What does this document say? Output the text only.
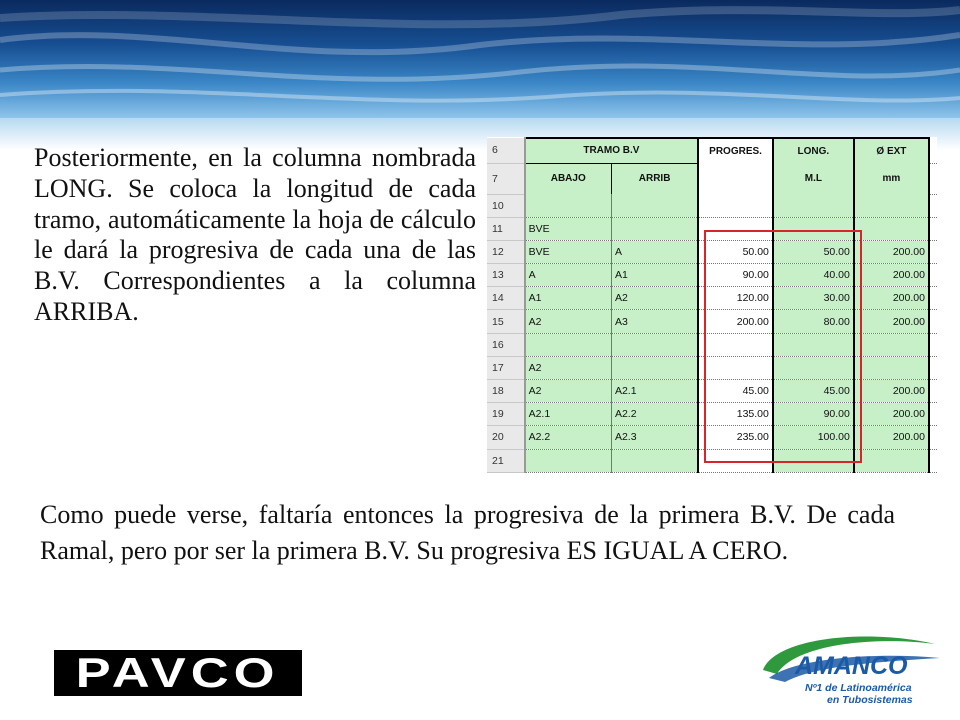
Posteriormente, en la columna nombrada LONG. Se coloca la longitud de cada tramo, automáticamente la hoja de cálculo le dará la progresiva de cada una de las B.V. Correspondientes a la columna ARRIBA.
6	TRAMO B.V		PROGRES.	LONG.	Ø EXT	
7	ABAJO	ARRIB		M.L	mm	
10						
11	BVE					
12	BVE	A	50.00	50.00	200.00	
13	A	A1	90.00	40.00	200.00	
14	A1	A2	120.00	30.00	200.00	
15	A2	A3	200.00	80.00	200.00	
16						
17	A2					
18	A2	A2.1	45.00	45.00	200.00	
19	A2.1	A2.2	135.00	90.00	200.00	
20	A2.2	A2.3	235.00	100.00	200.00	
21						
Como puede verse, faltaría entonces la progresiva de la primera B.V. De cada Ramal, pero por ser la primera B.V. Su progresiva ES IGUAL A CERO.
PAVCO	AMANCO
Nº1 de Latinoamérica
en Tubosistemas
